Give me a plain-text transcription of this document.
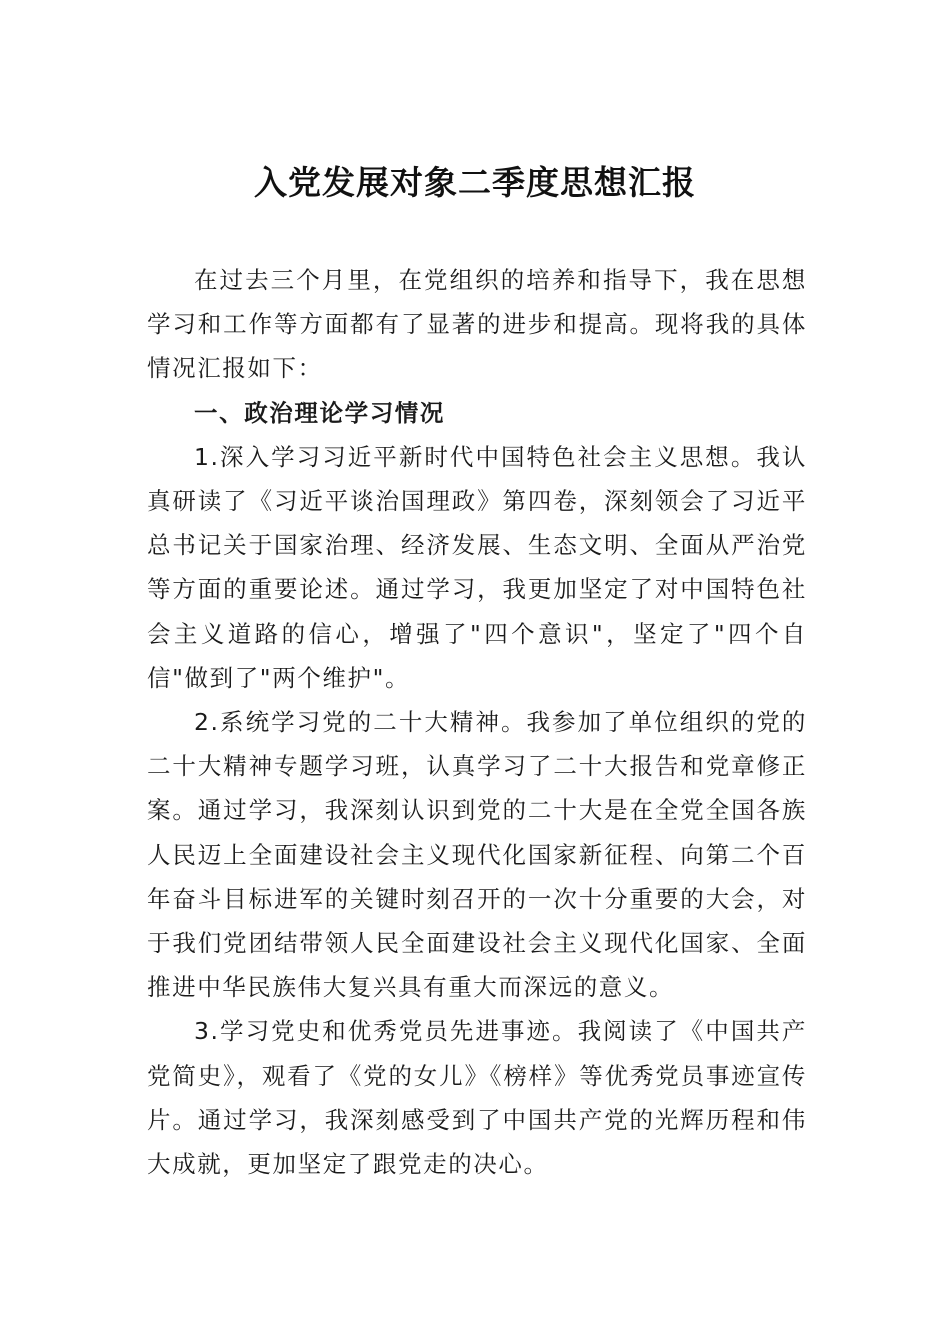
入党发展对象二季度思想汇报

在过去三个月里，在党组织的培养和指导下，我在思想学习和工作等方面都有了显著的进步和提高。现将我的具体情况汇报如下：

一、政治理论学习情况

1.深入学习习近平新时代中国特色社会主义思想。我认真研读了《习近平谈治国理政》第四卷，深刻领会了习近平总书记关于国家治理、经济发展、生态文明、全面从严治党等方面的重要论述。通过学习，我更加坚定了对中国特色社会主义道路的信心，增强了"四个意识"，坚定了"四个自信"做到了"两个维护"。

2.系统学习党的二十大精神。我参加了单位组织的党的二十大精神专题学习班，认真学习了二十大报告和党章修正案。通过学习，我深刻认识到党的二十大是在全党全国各族人民迈上全面建设社会主义现代化国家新征程、向第二个百年奋斗目标进军的关键时刻召开的一次十分重要的大会，对于我们党团结带领人民全面建设社会主义现代化国家、全面推进中华民族伟大复兴具有重大而深远的意义。

3.学习党史和优秀党员先进事迹。我阅读了《中国共产党简史》，观看了《党的女儿》《榜样》等优秀党员事迹宣传片。通过学习，我深刻感受到了中国共产党的光辉历程和伟大成就，更加坚定了跟党走的决心。
